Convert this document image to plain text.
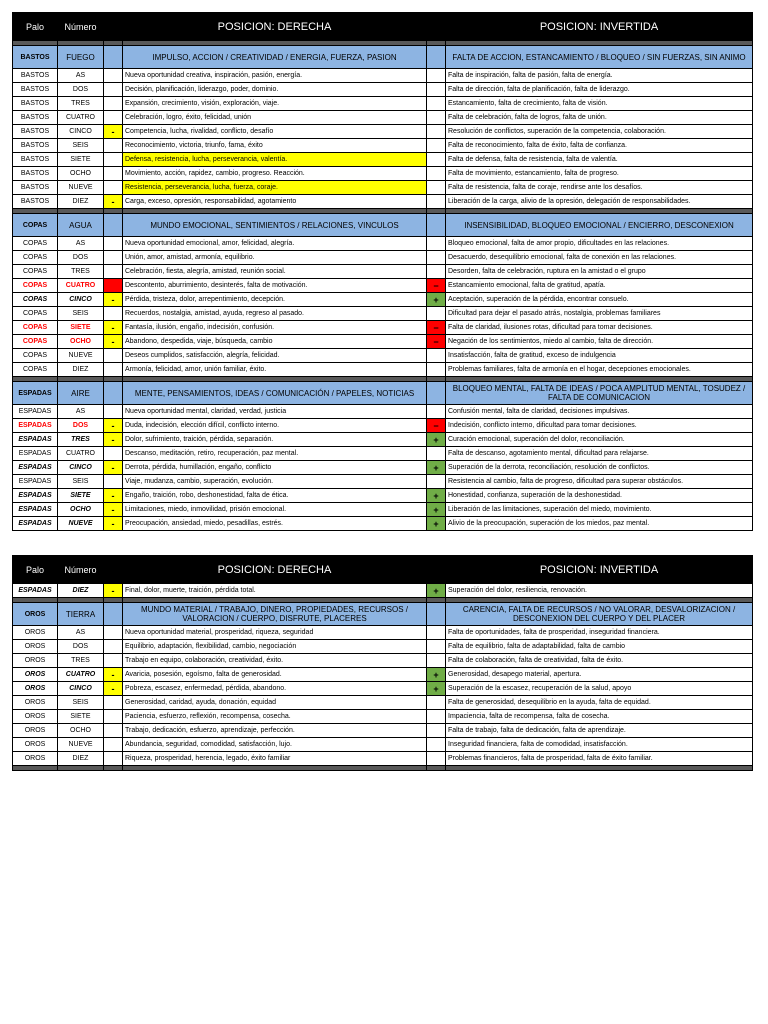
Palo	Número		POSICION: DERECHA		POSICION: INVERTIDA

BASTOS	FUEGO		IMPULSO, ACCION / CREATIVIDAD / ENERGIA, FUERZA, PASION		FALTA DE ACCION, ESTANCAMIENTO / BLOQUEO / SIN FUERZAS, SIN ANIMO
BASTOS	AS		Nueva oportunidad creativa, inspiración, pasión, energía.		Falta de inspiración, falta de pasión, falta de energía.
BASTOS	DOS		Decisión, planificación, liderazgo, poder, dominio.		Falta de dirección, falta de planificación, falta de liderazgo.
BASTOS	TRES		Expansión, crecimiento, visión, exploración, viaje.		Estancamiento, falta de crecimiento, falta de visión.
BASTOS	CUATRO		Celebración, logro, éxito, felicidad, unión		Falta de celebración, falta de logros, falta de unión.
BASTOS	CINCO	-	Competencia, lucha, rivalidad, conflicto, desafío		Resolución de conflictos, superación de la competencia, colaboración.
BASTOS	SEIS		Reconocimiento, victoria, triunfo, fama, éxito		Falta de reconocimiento, falta de éxito, falta de confianza.
BASTOS	SIETE		Defensa, resistencia, lucha, perseverancia, valentía.		Falta de defensa, falta de resistencia, falta de valentía.
BASTOS	OCHO		Movimiento, acción, rapidez, cambio, progreso. Reacción.		Falta de movimiento, estancamiento, falta de progreso.
BASTOS	NUEVE		Resistencia, perseverancia, lucha, fuerza, coraje.		Falta de resistencia, falta de coraje, rendirse ante los desafíos.
BASTOS	DIEZ	-	Carga, exceso, opresión, responsabilidad, agotamiento		Liberación de la carga, alivio de la opresión, delegación de responsabilidades.

COPAS	AGUA		MUNDO EMOCIONAL, SENTIMIENTOS / RELACIONES, VINCULOS		INSENSIBILIDAD, BLOQUEO EMOCIONAL / ENCIERRO, DESCONEXION
COPAS	AS		Nueva oportunidad emocional, amor, felicidad, alegría.		Bloqueo emocional, falta de amor propio, dificultades en las relaciones.
COPAS	DOS		Unión, amor, amistad, armonía, equilibrio.		Desacuerdo, desequilibrio emocional, falta de conexión en las relaciones.
COPAS	TRES		Celebración, fiesta, alegría, amistad, reunión social.		Desorden, falta de celebración, ruptura en la amistad o el grupo
COPAS	CUATRO		Descontento, aburrimiento, desinterés, falta de motivación.	−	Estancamiento emocional, falta de gratitud, apatía.
COPAS	CINCO	-	Pérdida, tristeza, dolor, arrepentimiento, decepción.	+	Aceptación, superación de la pérdida, encontrar consuelo.
COPAS	SEIS		Recuerdos, nostalgia, amistad, ayuda, regreso al pasado.		Dificultad para dejar el pasado atrás, nostalgia, problemas familiares
COPAS	SIETE	-	Fantasía, ilusión, engaño, indecisión, confusión.	−	Falta de claridad, ilusiones rotas, dificultad para tomar decisiones.
COPAS	OCHO	-	Abandono, despedida, viaje, búsqueda, cambio	−	Negación de los sentimientos, miedo al cambio, falta de dirección.
COPAS	NUEVE		Deseos cumplidos, satisfacción, alegría, felicidad.		Insatisfacción, falta de gratitud, exceso de indulgencia
COPAS	DIEZ		Armonía, felicidad, amor, unión familiar, éxito.		Problemas familiares, falta de armonía en el hogar, decepciones emocionales.

ESPADAS	AIRE		MENTE, PENSAMIENTOS, IDEAS / COMUNICACIÓN / PAPELES, NOTICIAS		BLOQUEO MENTAL, FALTA DE IDEAS / POCA AMPLITUD MENTAL, TOSUDEZ / FALTA DE COMUNICACION
ESPADAS	AS		Nueva oportunidad mental, claridad, verdad, justicia		Confusión mental, falta de claridad, decisiones impulsivas.
ESPADAS	DOS	-	Duda, indecisión, elección difícil, conflicto interno.	−	Indecisión, conflicto interno, dificultad para tomar decisiones.
ESPADAS	TRES	-	Dolor, sufrimiento, traición, pérdida, separación.	+	Curación emocional, superación del dolor, reconciliación.
ESPADAS	CUATRO		Descanso, meditación, retiro, recuperación, paz mental.		Falta de descanso, agotamiento mental, dificultad para relajarse.
ESPADAS	CINCO	-	Derrota, pérdida, humillación, engaño, conflicto	+	Superación de la derrota, reconciliación, resolución de conflictos.
ESPADAS	SEIS		Viaje, mudanza, cambio, superación, evolución.		Resistencia al cambio, falta de progreso, dificultad para superar obstáculos.
ESPADAS	SIETE	-	Engaño, traición, robo, deshonestidad, falta de ética.	+	Honestidad, confianza, superación de la deshonestidad.
ESPADAS	OCHO	-	Limitaciones, miedo, inmovilidad, prisión emocional.	+	Liberación de las limitaciones, superación del miedo, movimiento.
ESPADAS	NUEVE	-	Preocupación, ansiedad, miedo, pesadillas, estrés.	+	Alivio de la preocupación, superación de los miedos, paz mental.
Palo	Número		POSICION: DERECHA		POSICION: INVERTIDA
ESPADAS	DIEZ	-	Final, dolor, muerte, traición, pérdida total.	+	Superación del dolor, resiliencia, renovación.

OROS	TIERRA		MUNDO MATERIAL / TRABAJO, DINERO, PROPIEDADES, RECURSOS / VALORACION / CUERPO, DISFRUTE, PLACERES		CARENCIA, FALTA DE RECURSOS / NO VALORAR, DESVALORIZACION / DESCONEXION DEL CUERPO Y DEL PLACER
OROS	AS		Nueva oportunidad material, prosperidad, riqueza, seguridad		Falta de oportunidades, falta de prosperidad, inseguridad financiera.
OROS	DOS		Equilibrio, adaptación, flexibilidad, cambio, negociación		Falta de equilibrio, falta de adaptabilidad, falta de cambio
OROS	TRES		Trabajo en equipo, colaboración, creatividad, éxito.		Falta de colaboración, falta de creatividad, falta de éxito.
OROS	CUATRO	-	Avaricia, posesión, egoísmo, falta de generosidad.	+	Generosidad, desapego material, apertura.
OROS	CINCO	-	Pobreza, escasez, enfermedad, pérdida, abandono.	+	Superación de la escasez, recuperación de la salud, apoyo
OROS	SEIS		Generosidad, caridad, ayuda, donación, equidad		Falta de generosidad, desequilibrio en la ayuda, falta de equidad.
OROS	SIETE		Paciencia, esfuerzo, reflexión, recompensa, cosecha.		Impaciencia, falta de recompensa, falta de cosecha.
OROS	OCHO		Trabajo, dedicación, esfuerzo, aprendizaje, perfección.		Falta de trabajo, falta de dedicación, falta de aprendizaje.
OROS	NUEVE		Abundancia, seguridad, comodidad, satisfacción, lujo.		Inseguridad financiera, falta de comodidad, insatisfacción.
OROS	DIEZ		Riqueza, prosperidad, herencia, legado, éxito familiar		Problemas financieros, falta de prosperidad, falta de éxito familiar.
